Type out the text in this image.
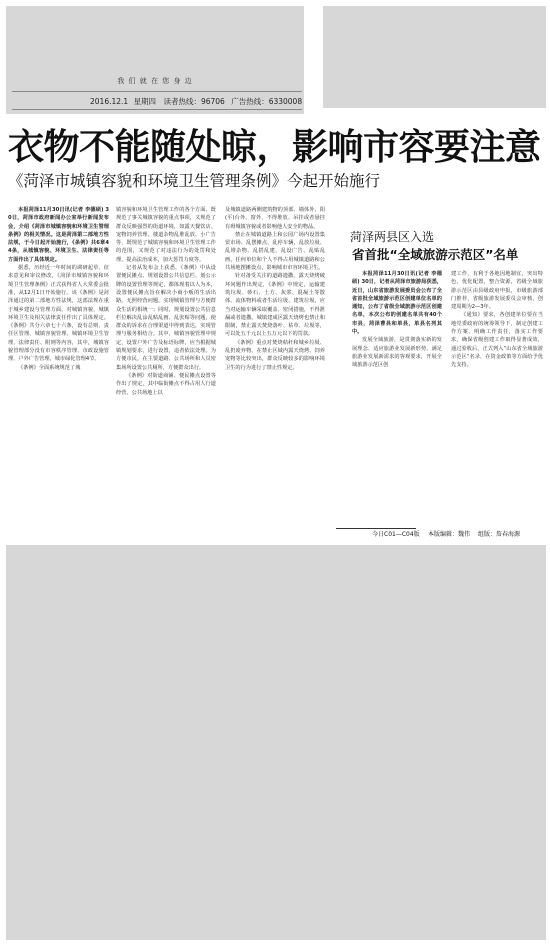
我 们 就 在 您 身 边
2016.12.1 星期四 读者热线：96706 广告热线：6330008
衣物不能随处晾，影响市容要注意
《菏泽市城镇容貌和环境卫生管理条例》今起开始施行

本报菏泽11月30日讯(记者 李德硕) 30日，菏泽市政府新闻办公室举行新闻发布会，介绍《菏泽市城镇容貌和环境卫生管理条例》的相关情况。这是菏泽第二部地方性法规，于今日起开始施行，《条例》共6章44条，从城镇容貌、环境卫生、法律责任等方面作出了具体规定。

据悉，历经近一年时间的调研起草、征求意见和审议修改，《菏泽市城镇容貌和环境卫生管理条例》正式获得省人大常委会批准，从12月1日开始施行。该《条例》是菏泽通过的第二部地方性法规，这部法规在重于城乡建设与管理方面，对城镇容貌、城镇环境卫生及相关法律责任作出了具体规定。《条例》共分六章七十六条，设有总则、责任区管理、城镇容貌管理、城镇环境卫生管理、法律责任、附则等内容，其中，城镇容貌管理部分没有市容秩序管理、市政设施管理、户外广告管理、城市绿化管理4节。

《条例》全面系统规范了城

镇容貌和环境卫生管理工作的各个方面，既规范了事关城镇容貌的重点事项，又规范了群众反映强烈的街道环境，如露天餐饮店、宠物饲养管理、楼道杂物乱堆乱放、小广告等，既规范了城镇容貌和环境卫生管理工作的范围，又规范了对违法行为的处罚和处理，提高法治成本，加大惩罚力度等。

记者从发布会上获悉，《条例》中从设置便民摊点、规划设置公共信息栏、划公示牌的设置管理等规定，都体现着以人为本，设置便民摊点旨在解决小商小贩的生活出路，无照经营问题，实现城镇管理与方便群众生活的相统一；同时，规划设置公共信息栏位解决乱涂乱贴乱画、乱张贴等问题，使群众的诉求在合理渠道中得到表达，实现管理与服务相结合。其中，城镇容貌管理中规定，设置户外广告及标语标牌，应当根据城镇规划要求，进行设置，违者依法处理。为方便市民，在主要道路、公共场所和人员密集场所设置公共厕所，方便群众出行。

《条例》对街道商铺、便民摊点设置等作出了规定，其中临街摊点不得占用人行道经营，公共场地上以

及城镇道路两侧建筑物的顶部、墙体外、阳(平)台外、窗外，不得堆放、吊挂或者悬挂有碍城镇容貌或者影响他人安全的物品。

禁止在城镇道路上和公园广场内设置集贸市场、乱摆摊点、乱停车辆、乱放垃圾、乱堆杂物、乱搭乱建、乱设广告、乱贴乱画，任何单位和个人不得占用城镇道路和公共场地摆摊设点，影响城市市容环境卫生。

针对备受关注的道路遗撒，露天烧烤破坏问题作出规定，《条例》中规定，运输建筑垃圾、砂石、土方、灰浆、混凝土等散体、流体物料或者生活垃圾、建筑垃圾，应当对运输车辆采取覆盖、密闭措施，不得泄漏或者遗撒。城镇建成区露天烧烤也禁止和限制，禁止露天焚烧落叶、枯草、垃圾等，可以处五千元以上五万元以下的罚款。

《条例》重点对焚烧秸秆和城乡垃圾、乱扔废弃物、在禁止区域内露天烧烤、饲养宠物等比较突出，群众反映较多的影响环境卫生的行为进行了禁止性规定。

菏泽两县区入选
省首批“全域旅游示范区”名单

本报菏泽11月30日讯(记者 李德硕) 30日，记者从菏泽市旅游局获悉，近日，山东省旅游发展委员会公布了全省首批全域旅游示范区创建单位名单的通知，公布了省级全域旅游示范区创建名单，本次公布的创建名单共有40个市县，菏泽曹县和单县，单县名列其中。

发展全域旅游，是贯彻落实新的发展理念、适应旅游业发展新形势、满足旅游业发展新需求的客观要求，开展全域旅游示范区创

建工作，有利于各地因地制宜，突出特色，优化配置，整合资源，省级全域旅游示范区由县级政府申报，市级旅游部门推荐，省级旅游发展委员会审核，创建周期为2—3年。

《通知》要求，各创建单位要在当地党委政府的统筹领导下，制定创建工作方案，明确工作责任，落实工作要求，确保省级创建工作取得显著成效，通过验收后，正式列入“山东省全域旅游示范区”名录，在资金政策等方面给予优先支持。

今日C01—C04版 本版编辑：魏伟 组版：詹春海源
